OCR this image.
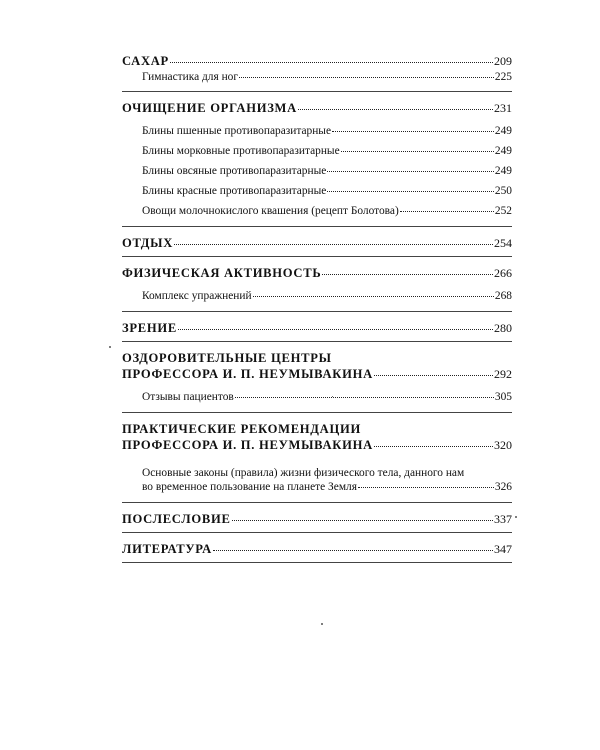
САХАР	209
Гимнастика для ног	225
ОЧИЩЕНИЕ ОРГАНИЗМА	231
Блины пшенные противопаразитарные	249
Блины морковные противопаразитарные	249
Блины овсяные противопаразитарные	249
Блины красные противопаразитарные	250
Овощи молочнокислого квашения (рецепт Болотова)	252
ОТДЫХ	254
ФИЗИЧЕСКАЯ АКТИВНОСТЬ	266
Комплекс упражнений	268
ЗРЕНИЕ	280
ОЗДОРОВИТЕЛЬНЫЕ ЦЕНТРЫ
ПРОФЕССОРА И. П. НЕУМЫВАКИНА	292
Отзывы пациентов	305
ПРАКТИЧЕСКИЕ РЕКОМЕНДАЦИИ
ПРОФЕССОРА И. П. НЕУМЫВАКИНА	320
Основные законы (правила) жизни физического тела, данного нам
во временное пользование на планете Земля	326
ПОСЛЕСЛОВИЕ	337
ЛИТЕРАТУРА	347
